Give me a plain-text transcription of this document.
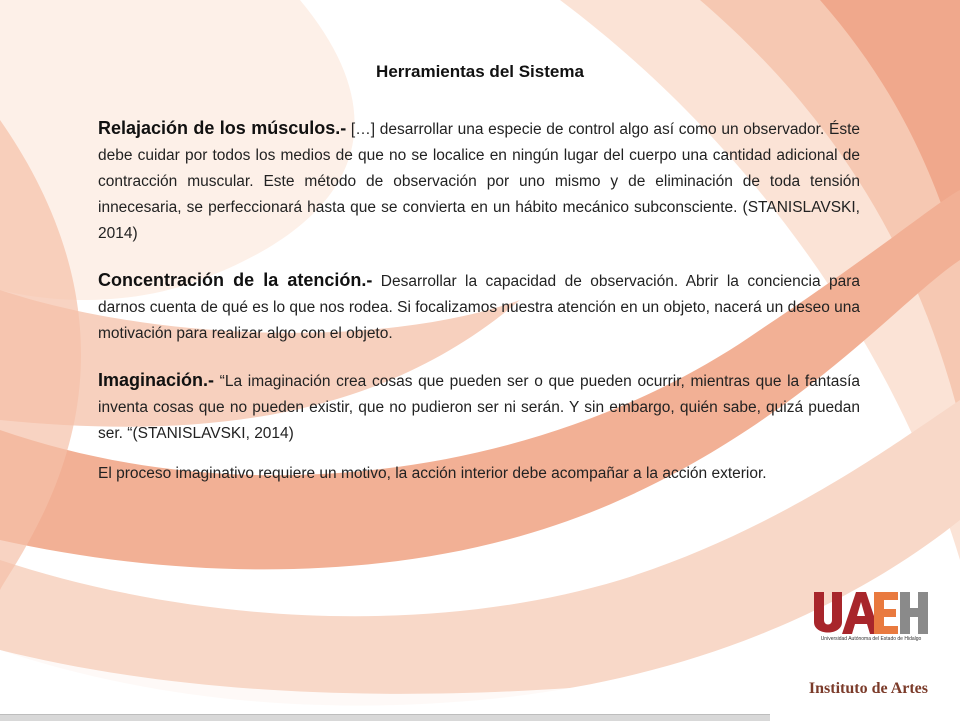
Herramientas del Sistema

Relajación de los músculos.- […] desarrollar una especie de control algo así como un observador. Éste debe cuidar por todos los medios de que no se localice en ningún lugar del cuerpo una cantidad adicional de contracción muscular. Este método de observación por uno mismo y de eliminación de toda tensión innecesaria, se perfeccionará hasta que se convierta en un hábito mecánico subconsciente. (STANISLAVSKI, 2014)

Concentración de la atención.- Desarrollar la capacidad de observación. Abrir la conciencia para darnos cuenta de qué es lo que nos rodea. Si focalizamos nuestra atención en un objeto, nacerá un deseo una motivación para realizar algo con el objeto.

Imaginación.- “La imaginación crea cosas que pueden ser o que pueden ocurrir, mientras que la fantasía inventa cosas que no pueden existir, que no pudieron ser ni serán. Y sin embargo, quién sabe, quizá puedan ser. “(STANISLAVSKI, 2014)

El proceso imaginativo requiere un motivo, la acción interior debe acompañar a la acción exterior.

Universidad Autónoma del Estado de Hidalgo
Instituto de Artes
